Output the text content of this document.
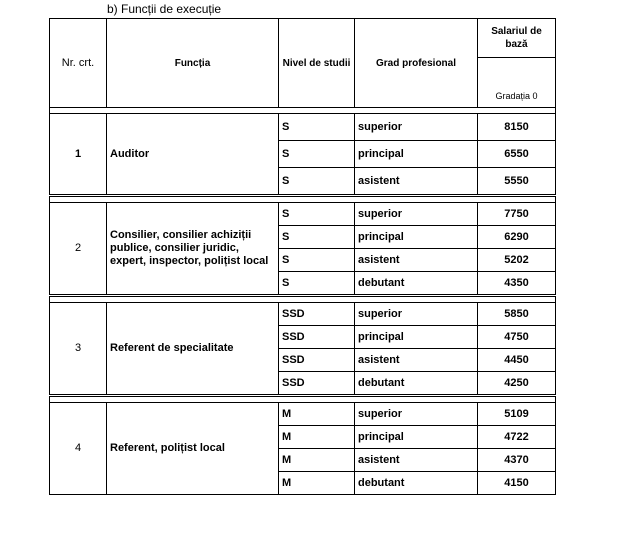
b) Funcții de execuție
Nr. crt.	Funcția	Nivel de studii	Grad profesional	Salariul de bază
				Gradația 0

1	Auditor	S	superior	8150
		S	principal	6550
		S	asistent	5550

2	Consilier, consilier achiziții publice, consilier juridic, expert, inspector, polițist local	S	superior	7750
		S	principal	6290
		S	asistent	5202
		S	debutant	4350

3	Referent de specialitate	SSD	superior	5850
		SSD	principal	4750
		SSD	asistent	4450
		SSD	debutant	4250

4	Referent, polițist local	M	superior	5109
		M	principal	4722
		M	asistent	4370
		M	debutant	4150
